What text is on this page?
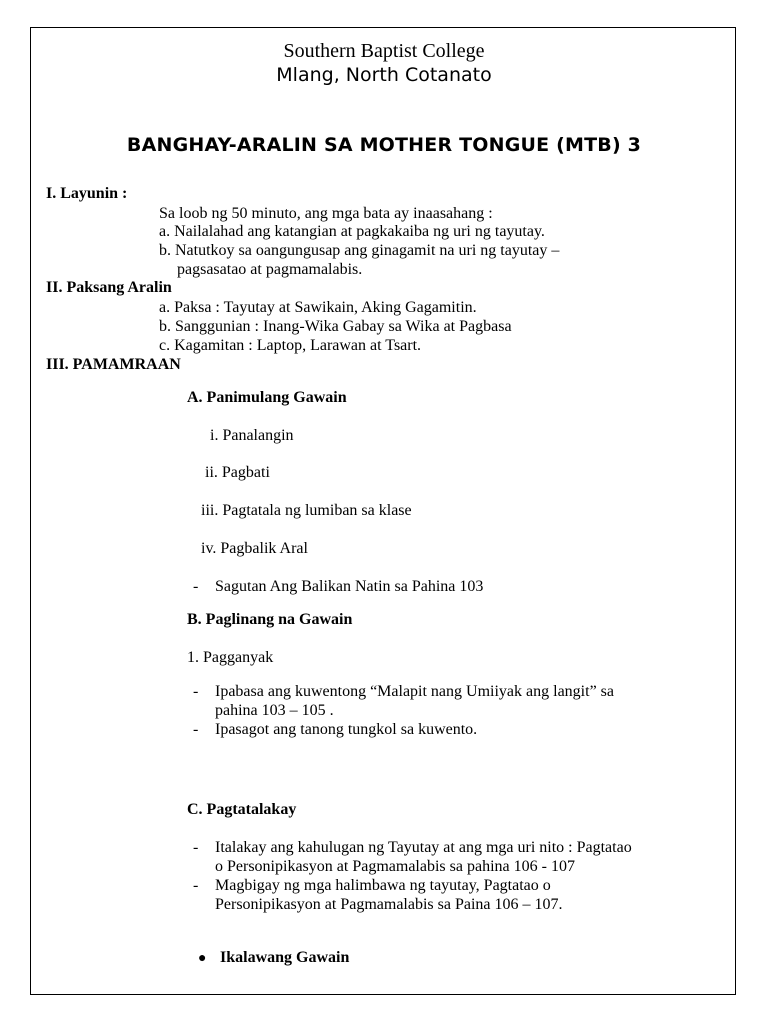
Southern Baptist College
Mlang, North Cotanato
BANGHAY-ARALIN SA MOTHER TONGUE (MTB) 3
I. Layunin :
Sa loob ng 50 minuto, ang mga bata ay inaasahang :
a. Nailalahad ang katangian at pagkakaiba ng uri ng tayutay.
b. Natutkoy sa oangungusap ang ginagamit na uri ng tayutay –
pagsasatao at pagmamalabis.
II. Paksang Aralin
a. Paksa : Tayutay at Sawikain, Aking Gagamitin.
b. Sanggunian : Inang-Wika Gabay sa Wika at Pagbasa
c. Kagamitan : Laptop, Larawan at Tsart.
III. PAMAMRAAN
A. Panimulang Gawain
i. Panalangin
ii. Pagbati
iii. Pagtatala ng lumiban sa klase
iv. Pagbalik Aral
- Sagutan Ang Balikan Natin sa Pahina 103
B. Paglinang na Gawain
1. Pagganyak
- Ipabasa ang kuwentong “Malapit nang Umiiyak ang langit” sa
pahina 103 – 105 .
- Ipasagot ang tanong tungkol sa kuwento.
C. Pagtatalakay
- Italakay ang kahulugan ng Tayutay at ang mga uri nito : Pagtatao
o Personipikasyon at Pagmamalabis sa pahina 106 - 107
- Magbigay ng mga halimbawa ng tayutay, Pagtatao o
Personipikasyon at Pagmamalabis sa Paina 106 – 107.
● Ikalawang Gawain
